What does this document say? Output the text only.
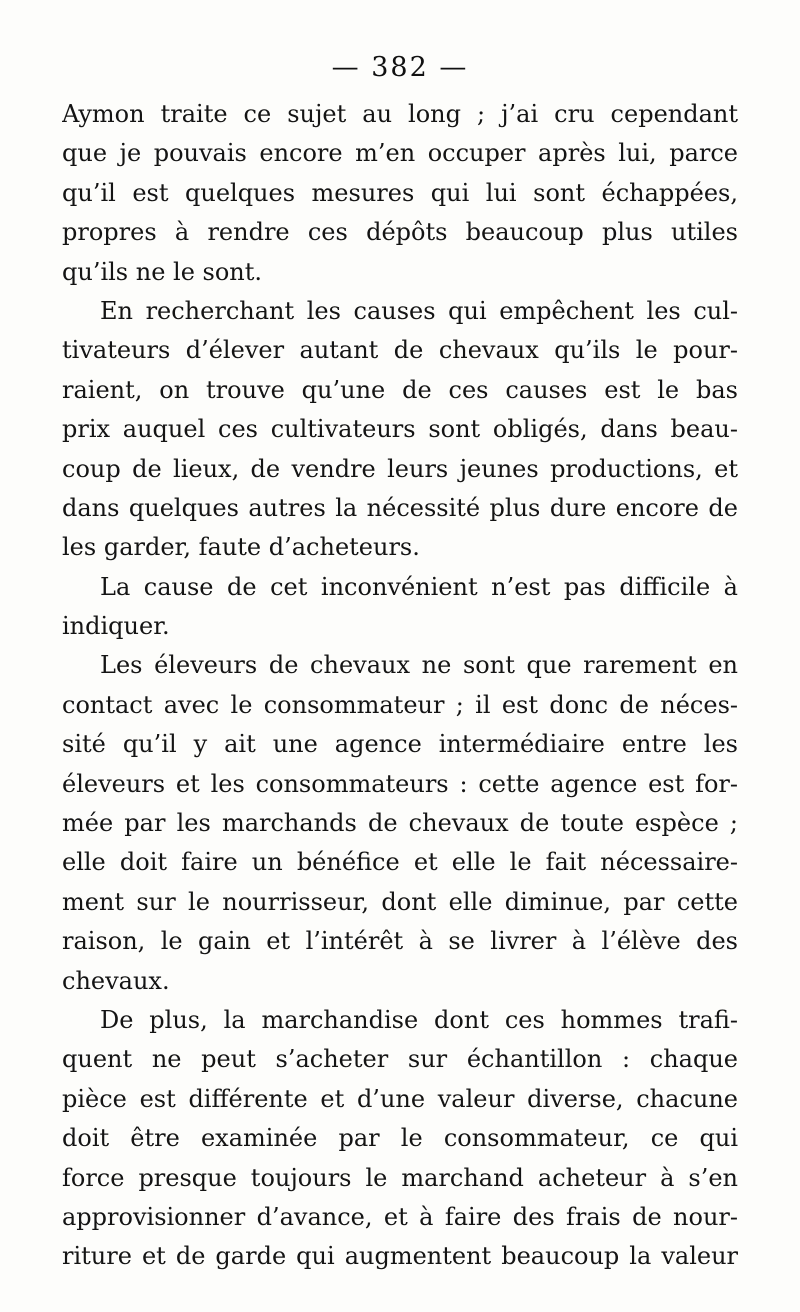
— 382 —
Aymon traite ce sujet au long ; j’ai cru cependant
que je pouvais encore m’en occuper après lui, parce
qu’il est quelques mesures qui lui sont échappées,
propres à rendre ces dépôts beaucoup plus utiles
qu’ils ne le sont.
En recherchant les causes qui empêchent les cul-
tivateurs d’élever autant de chevaux qu’ils le pour-
raient, on trouve qu’une de ces causes est le bas
prix auquel ces cultivateurs sont obligés, dans beau-
coup de lieux, de vendre leurs jeunes productions, et
dans quelques autres la nécessité plus dure encore de
les garder, faute d’acheteurs.
La cause de cet inconvénient n’est pas difficile à
indiquer.
Les éleveurs de chevaux ne sont que rarement en
contact avec le consommateur ; il est donc de néces-
sité qu’il y ait une agence intermédiaire entre les
éleveurs et les consommateurs : cette agence est for-
mée par les marchands de chevaux de toute espèce ;
elle doit faire un bénéfice et elle le fait nécessaire-
ment sur le nourrisseur, dont elle diminue, par cette
raison, le gain et l’intérêt à se livrer à l’élève des
chevaux.
De plus, la marchandise dont ces hommes trafi-
quent ne peut s’acheter sur échantillon : chaque
pièce est différente et d’une valeur diverse, chacune
doit être examinée par le consommateur, ce qui
force presque toujours le marchand acheteur à s’en
approvisionner d’avance, et à faire des frais de nour-
riture et de garde qui augmentent beaucoup la valeur
